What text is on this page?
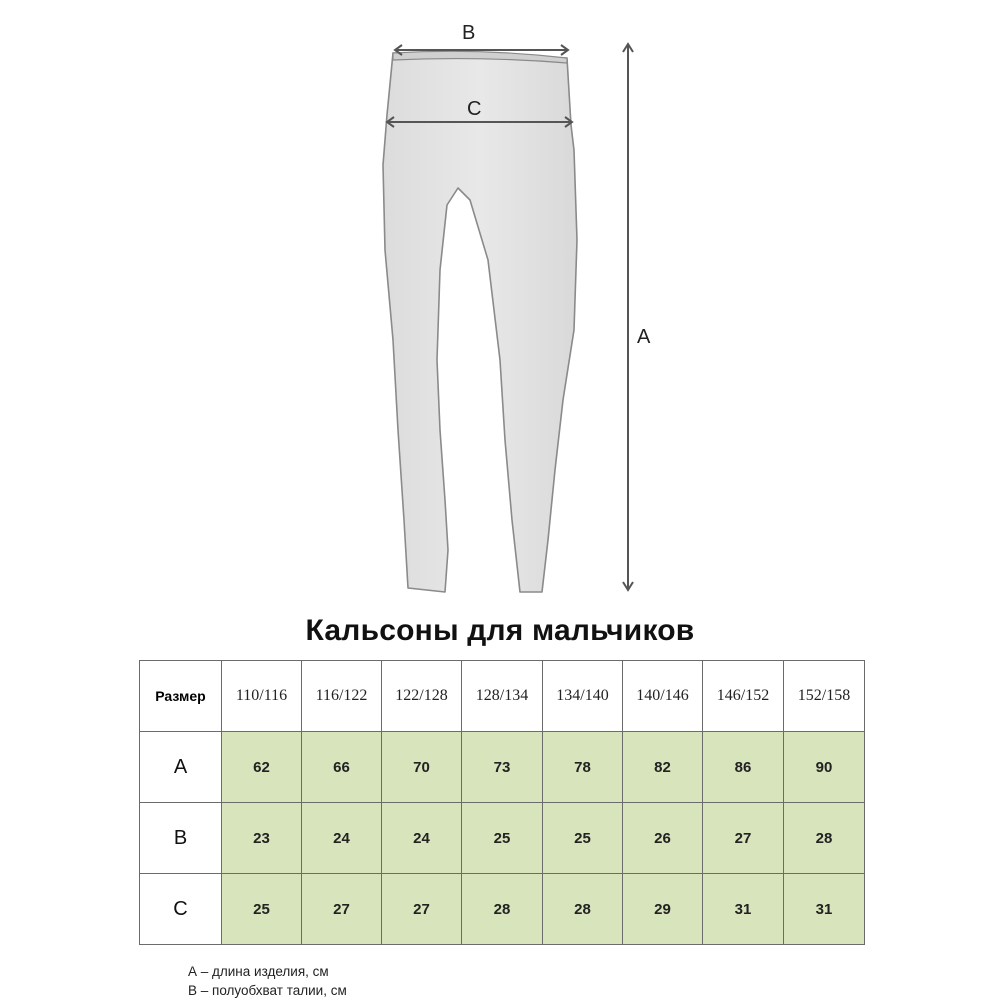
B
C
A
Кальсоны для мальчиков
Размер	110/116	116/122	122/128	128/134	134/140	140/146	146/152	152/158
A	62	66	70	73	78	82	86	90
B	23	24	24	25	25	26	27	28
C	25	27	27	28	28	29	31	31
А – длина изделия, см
В – полуобхват талии, см
